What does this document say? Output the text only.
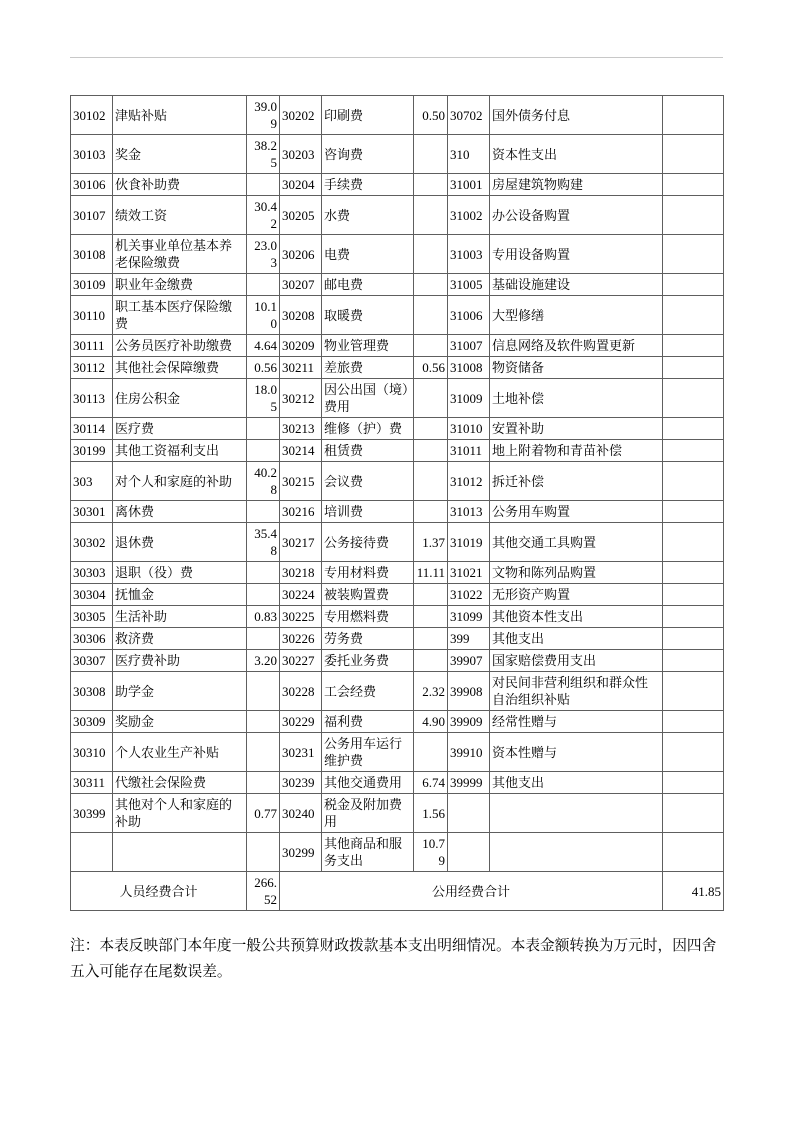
30102	津贴补贴	39.09	30202	印刷费	0.50	30702	国外债务付息	
30103	奖金	38.25	30203	咨询费		310	资本性支出	
30106	伙食补助费		30204	手续费		31001	房屋建筑物购建	
30107	绩效工资	30.42	30205	水费		31002	办公设备购置	
30108	机关事业单位基本养老保险缴费	23.03	30206	电费		31003	专用设备购置	
30109	职业年金缴费		30207	邮电费		31005	基础设施建设	
30110	职工基本医疗保险缴费	10.10	30208	取暖费		31006	大型修缮	
30111	公务员医疗补助缴费	4.64	30209	物业管理费		31007	信息网络及软件购置更新	
30112	其他社会保障缴费	0.56	30211	差旅费	0.56	31008	物资储备	
30113	住房公积金	18.05	30212	因公出国（境）费用		31009	土地补偿	
30114	医疗费		30213	维修（护）费		31010	安置补助	
30199	其他工资福利支出		30214	租赁费		31011	地上附着物和青苗补偿	
303	对个人和家庭的补助	40.28	30215	会议费		31012	拆迁补偿	
30301	离休费		30216	培训费		31013	公务用车购置	
30302	退休费	35.48	30217	公务接待费	1.37	31019	其他交通工具购置	
30303	退职（役）费		30218	专用材料费	11.11	31021	文物和陈列品购置	
30304	抚恤金		30224	被装购置费		31022	无形资产购置	
30305	生活补助	0.83	30225	专用燃料费		31099	其他资本性支出	
30306	救济费		30226	劳务费		399	其他支出	
30307	医疗费补助	3.20	30227	委托业务费		39907	国家赔偿费用支出	
30308	助学金		30228	工会经费	2.32	39908	对民间非营利组织和群众性自治组织补贴	
30309	奖励金		30229	福利费	4.90	39909	经常性赠与	
30310	个人农业生产补贴		30231	公务用车运行维护费		39910	资本性赠与	
30311	代缴社会保险费		30239	其他交通费用	6.74	39999	其他支出	
30399	其他对个人和家庭的补助	0.77	30240	税金及附加费用	1.56			
			30299	其他商品和服务支出	10.79			
人员经费合计		266.52	公用经费合计					41.85

注：本表反映部门本年度一般公共预算财政拨款基本支出明细情况。本表金额转换为万元时，因四舍五入可能存在尾数误差。
